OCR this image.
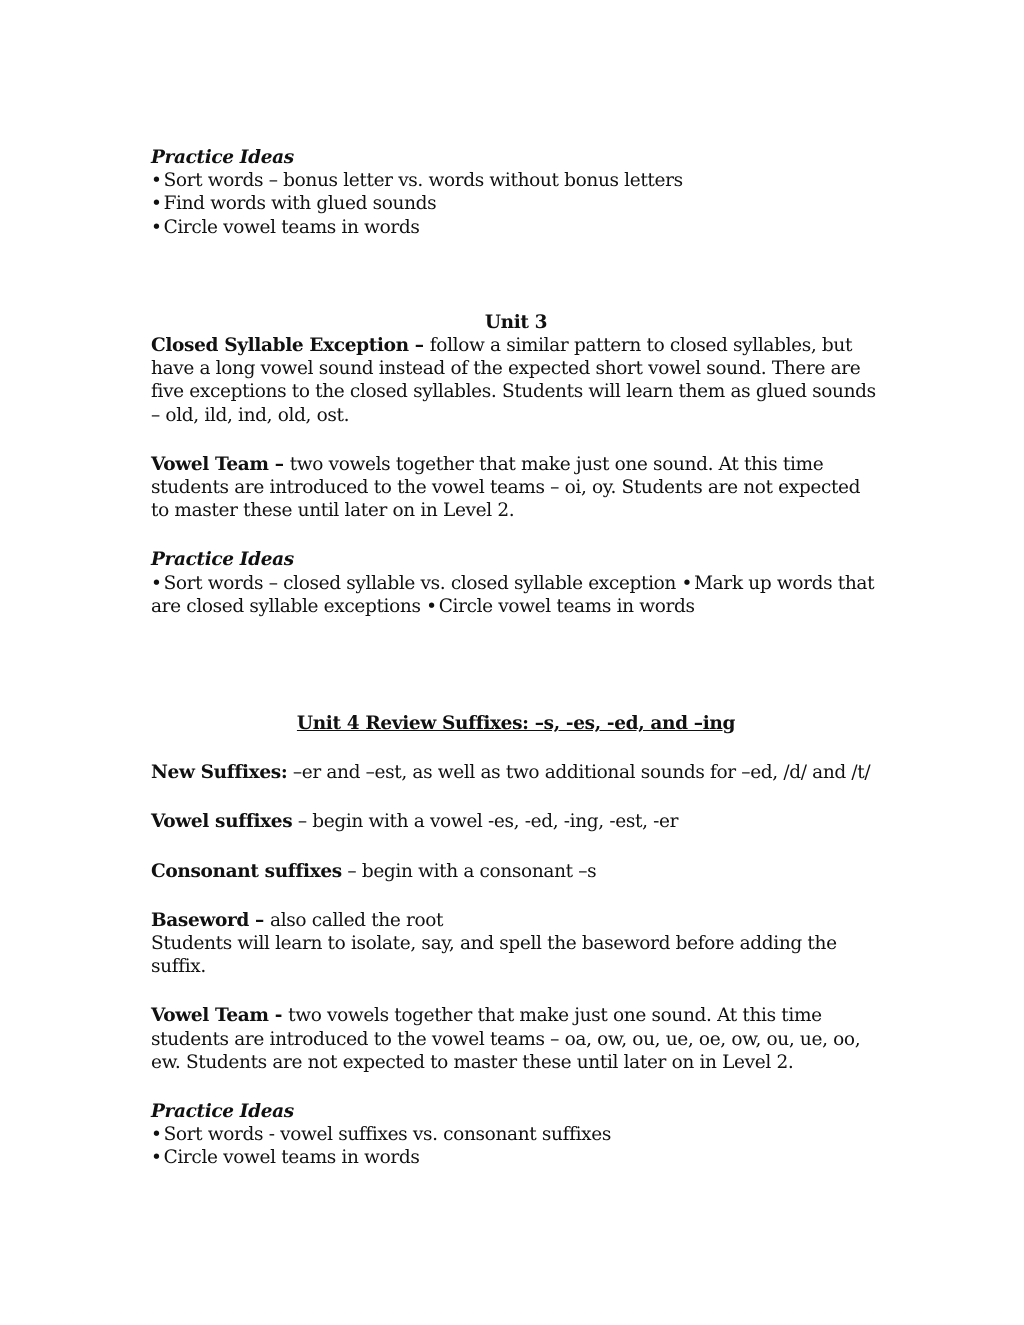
Practice Ideas

• Sort words – bonus letter vs. words without bonus letters

• Find words with glued sounds

• Circle vowel teams in words

Unit 3

Closed Syllable Exception – follow a similar pattern to closed syllables, but have a long vowel sound instead of the expected short vowel sound. There are five exceptions to the closed syllables. Students will learn them as glued sounds – old, ild, ind, old, ost.

Vowel Team – two vowels together that make just one sound. At this time students are introduced to the vowel teams – oi, oy. Students are not expected to master these until later on in Level 2.

Practice Ideas

• Sort words – closed syllable vs. closed syllable exception • Mark up words that are closed syllable exceptions • Circle vowel teams in words

Unit 4 Review Suffixes: –s, -es, -ed, and –ing

New Suffixes: –er and –est, as well as two additional sounds for –ed, /d/ and /t/

Vowel suffixes – begin with a vowel -es, -ed, -ing, -est, -er

Consonant suffixes – begin with a consonant –s

Baseword – also called the root

Students will learn to isolate, say, and spell the baseword before adding the suffix.

Vowel Team - two vowels together that make just one sound. At this time students are introduced to the vowel teams – oa, ow, ou, ue, oe, ow, ou, ue, oo, ew. Students are not expected to master these until later on in Level 2.

Practice Ideas

• Sort words - vowel suffixes vs. consonant suffixes

• Circle vowel teams in words
